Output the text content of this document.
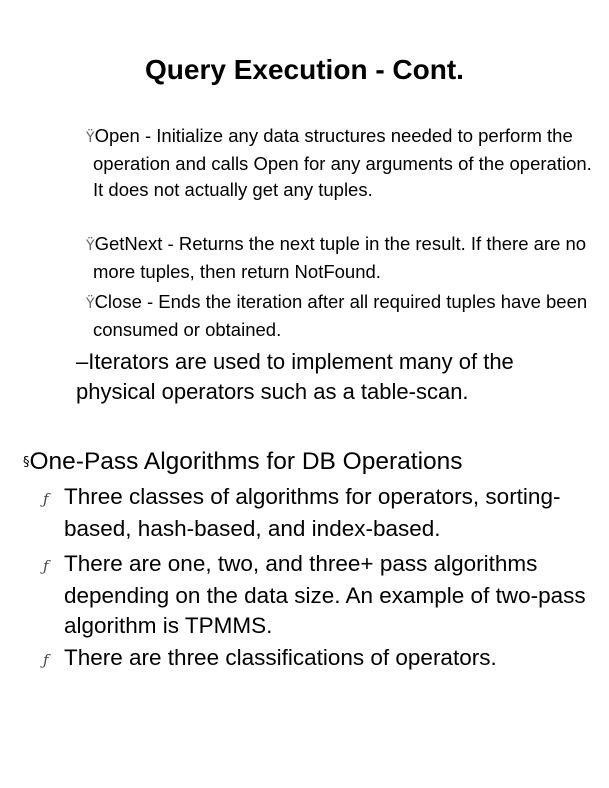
Query Execution - Cont.
ŸOpen - Initialize any data structures needed to perform the operation and calls Open for any arguments of the operation. It does not actually get any tuples.
ŸGetNext - Returns the next tuple in the result. If there are no more tuples, then return NotFound.
ŸClose - Ends the iteration after all required tuples have been consumed or obtained.
–Iterators are used to implement many of the physical operators such as a table-scan.
§One-Pass Algorithms for DB Operations
ƒ Three classes of algorithms for operators, sorting-based, hash-based, and index-based.
ƒ There are one, two, and three+ pass algorithms depending on the data size. An example of two-pass algorithm is TPMMS.
ƒ There are three classifications of operators.
